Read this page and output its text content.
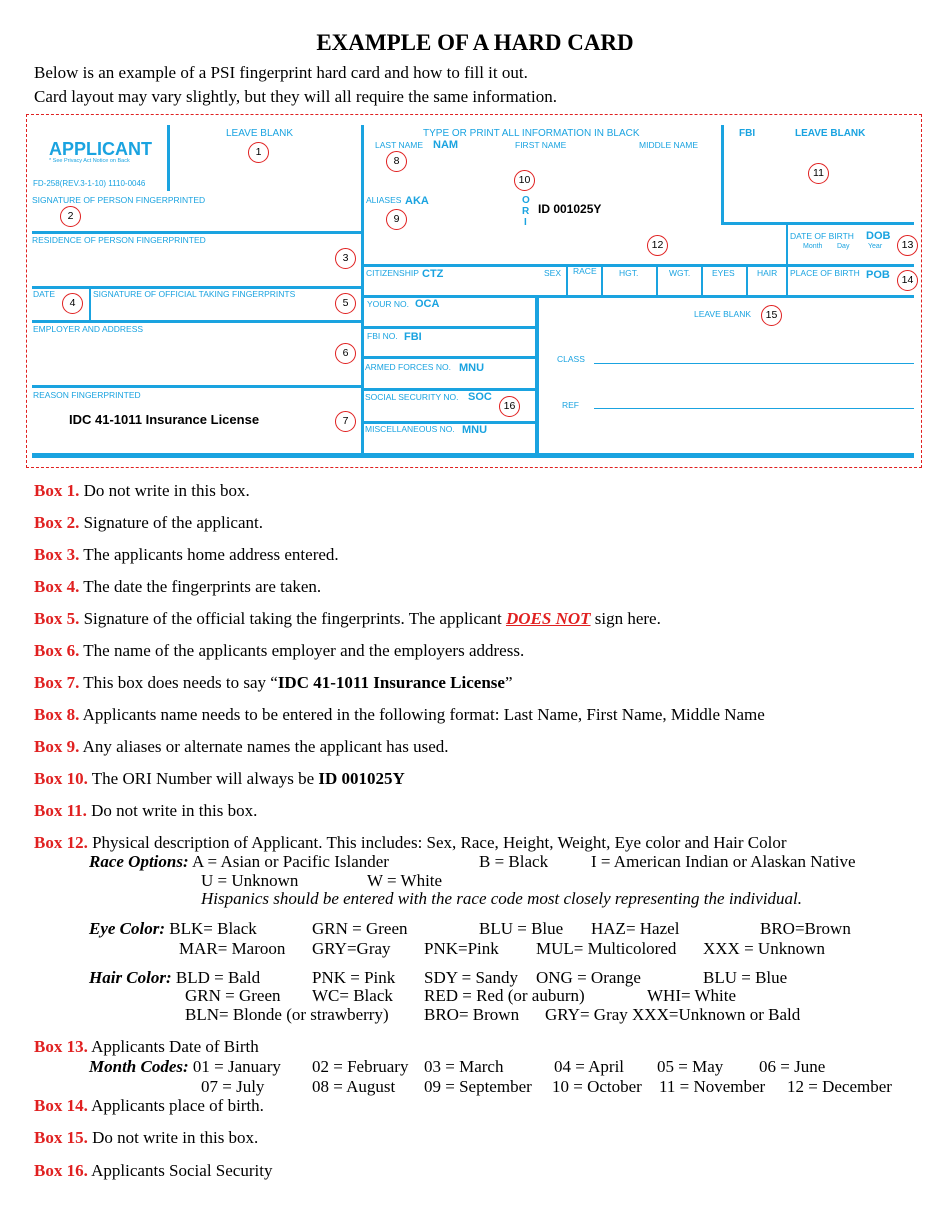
EXAMPLE OF A HARD CARD
Below is an example of a PSI fingerprint hard card and how to fill it out.
Card layout may vary slightly, but they will all require the same information.
APPLICANT
* See Privacy Act Notice on Back
FD-258(REV.3-1-10) 1110-0046
LEAVE BLANK
SIGNATURE OF PERSON FINGERPRINTED
RESIDENCE OF PERSON FINGERPRINTED
DATE	SIGNATURE OF OFFICIAL TAKING FINGERPRINTS
EMPLOYER AND ADDRESS
REASON FINGERPRINTED
IDC 41-1011 Insurance License
TYPE OR PRINT ALL INFORMATION IN BLACK
LAST NAME NAM	FIRST NAME	MIDDLE NAME
ALIASES AKA	O
R
I
ID 001025Y
CITIZENSHIP CTZ	SEX RACE	HGT.	WGT.	EYES	HAIR
YOUR NO. OCA
FBI NO. FBI
ARMED FORCES NO. MNU
SOCIAL SECURITY NO. SOC
MISCELLANEOUS NO. MNU
FBI	LEAVE BLANK
DATE OF BIRTH DOB
Month Day	Year
PLACE OF BIRTH POB
LEAVE BLANK
CLASS
REF
1
2
3
4	5
6
7
8
9
10
11
12	13
14
15
16
Box 1. Do not write in this box.
Box 2. Signature of the applicant.
Box 3. The applicants home address entered.
Box 4. The date the fingerprints are taken.
Box 5. Signature of the official taking the fingerprints. The applicant DOES NOT sign here.
Box 6. The name of the applicants employer and the employers address.
Box 7. This box does needs to say “IDC 41-1011 Insurance License”
Box 8. Applicants name needs to be entered in the following format: Last Name, First Name, Middle Name
Box 9. Any aliases or alternate names the applicant has used.
Box 10. The ORI Number will always be ID 001025Y
Box 11. Do not write in this box.
Box 12. Physical description of Applicant. This includes: Sex, Race, Height, Weight, Eye color and Hair Color
Race Options: A = Asian or Pacific Islander	B = Black	I = American Indian or Alaskan Native
U = Unknown	W = White
Hispanics should be entered with the race code most closely representing the individual.
Eye Color: BLK= Black	GRN = Green	BLU = Blue HAZ= Hazel	BRO=Brown
MAR= Maroon GRY=Gray PNK=Pink MUL= Multicolored XXX = Unknown
Hair Color: BLD = Bald	PNK = Pink SDY = Sandy ONG = Orange	BLU = Blue
GRN = Green WC= Black RED = Red (or auburn)	WHI= White
BLN= Blonde (or strawberry) BRO= Brown GRY= Gray XXX=Unknown or Bald
Box 13. Applicants Date of Birth
Month Codes: 01 = January 02 = February 03 = March	04 = April 05 = May 06 = June
07 = July	08 = August 09 = September 10 = October 11 = November 12 = December
Box 14. Applicants place of birth.
Box 15. Do not write in this box.
Box 16. Applicants Social Security
